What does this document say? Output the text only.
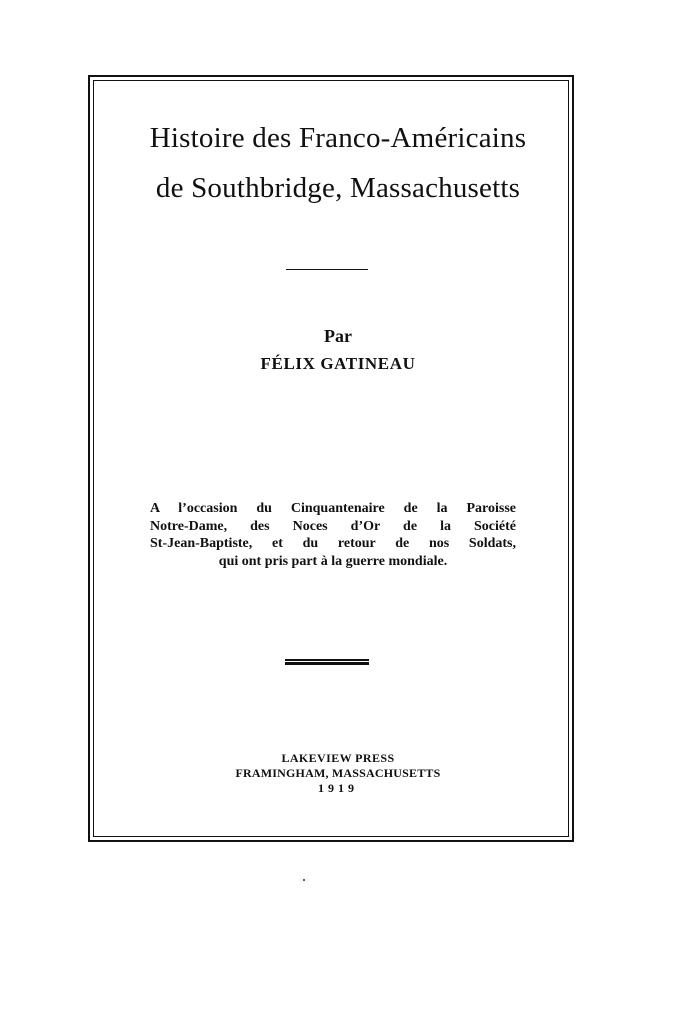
Histoire des Franco-Américains
de Southbridge, Massachusetts
Par
FÉLIX GATINEAU
A l’occasion du Cinquantenaire de la Paroisse
Notre-Dame, des Noces d’Or de la Société
St-Jean-Baptiste, et du retour de nos Soldats,
qui ont pris part à la guerre mondiale.
LAKEVIEW PRESS
FRAMINGHAM, MASSACHUSETTS
1919
